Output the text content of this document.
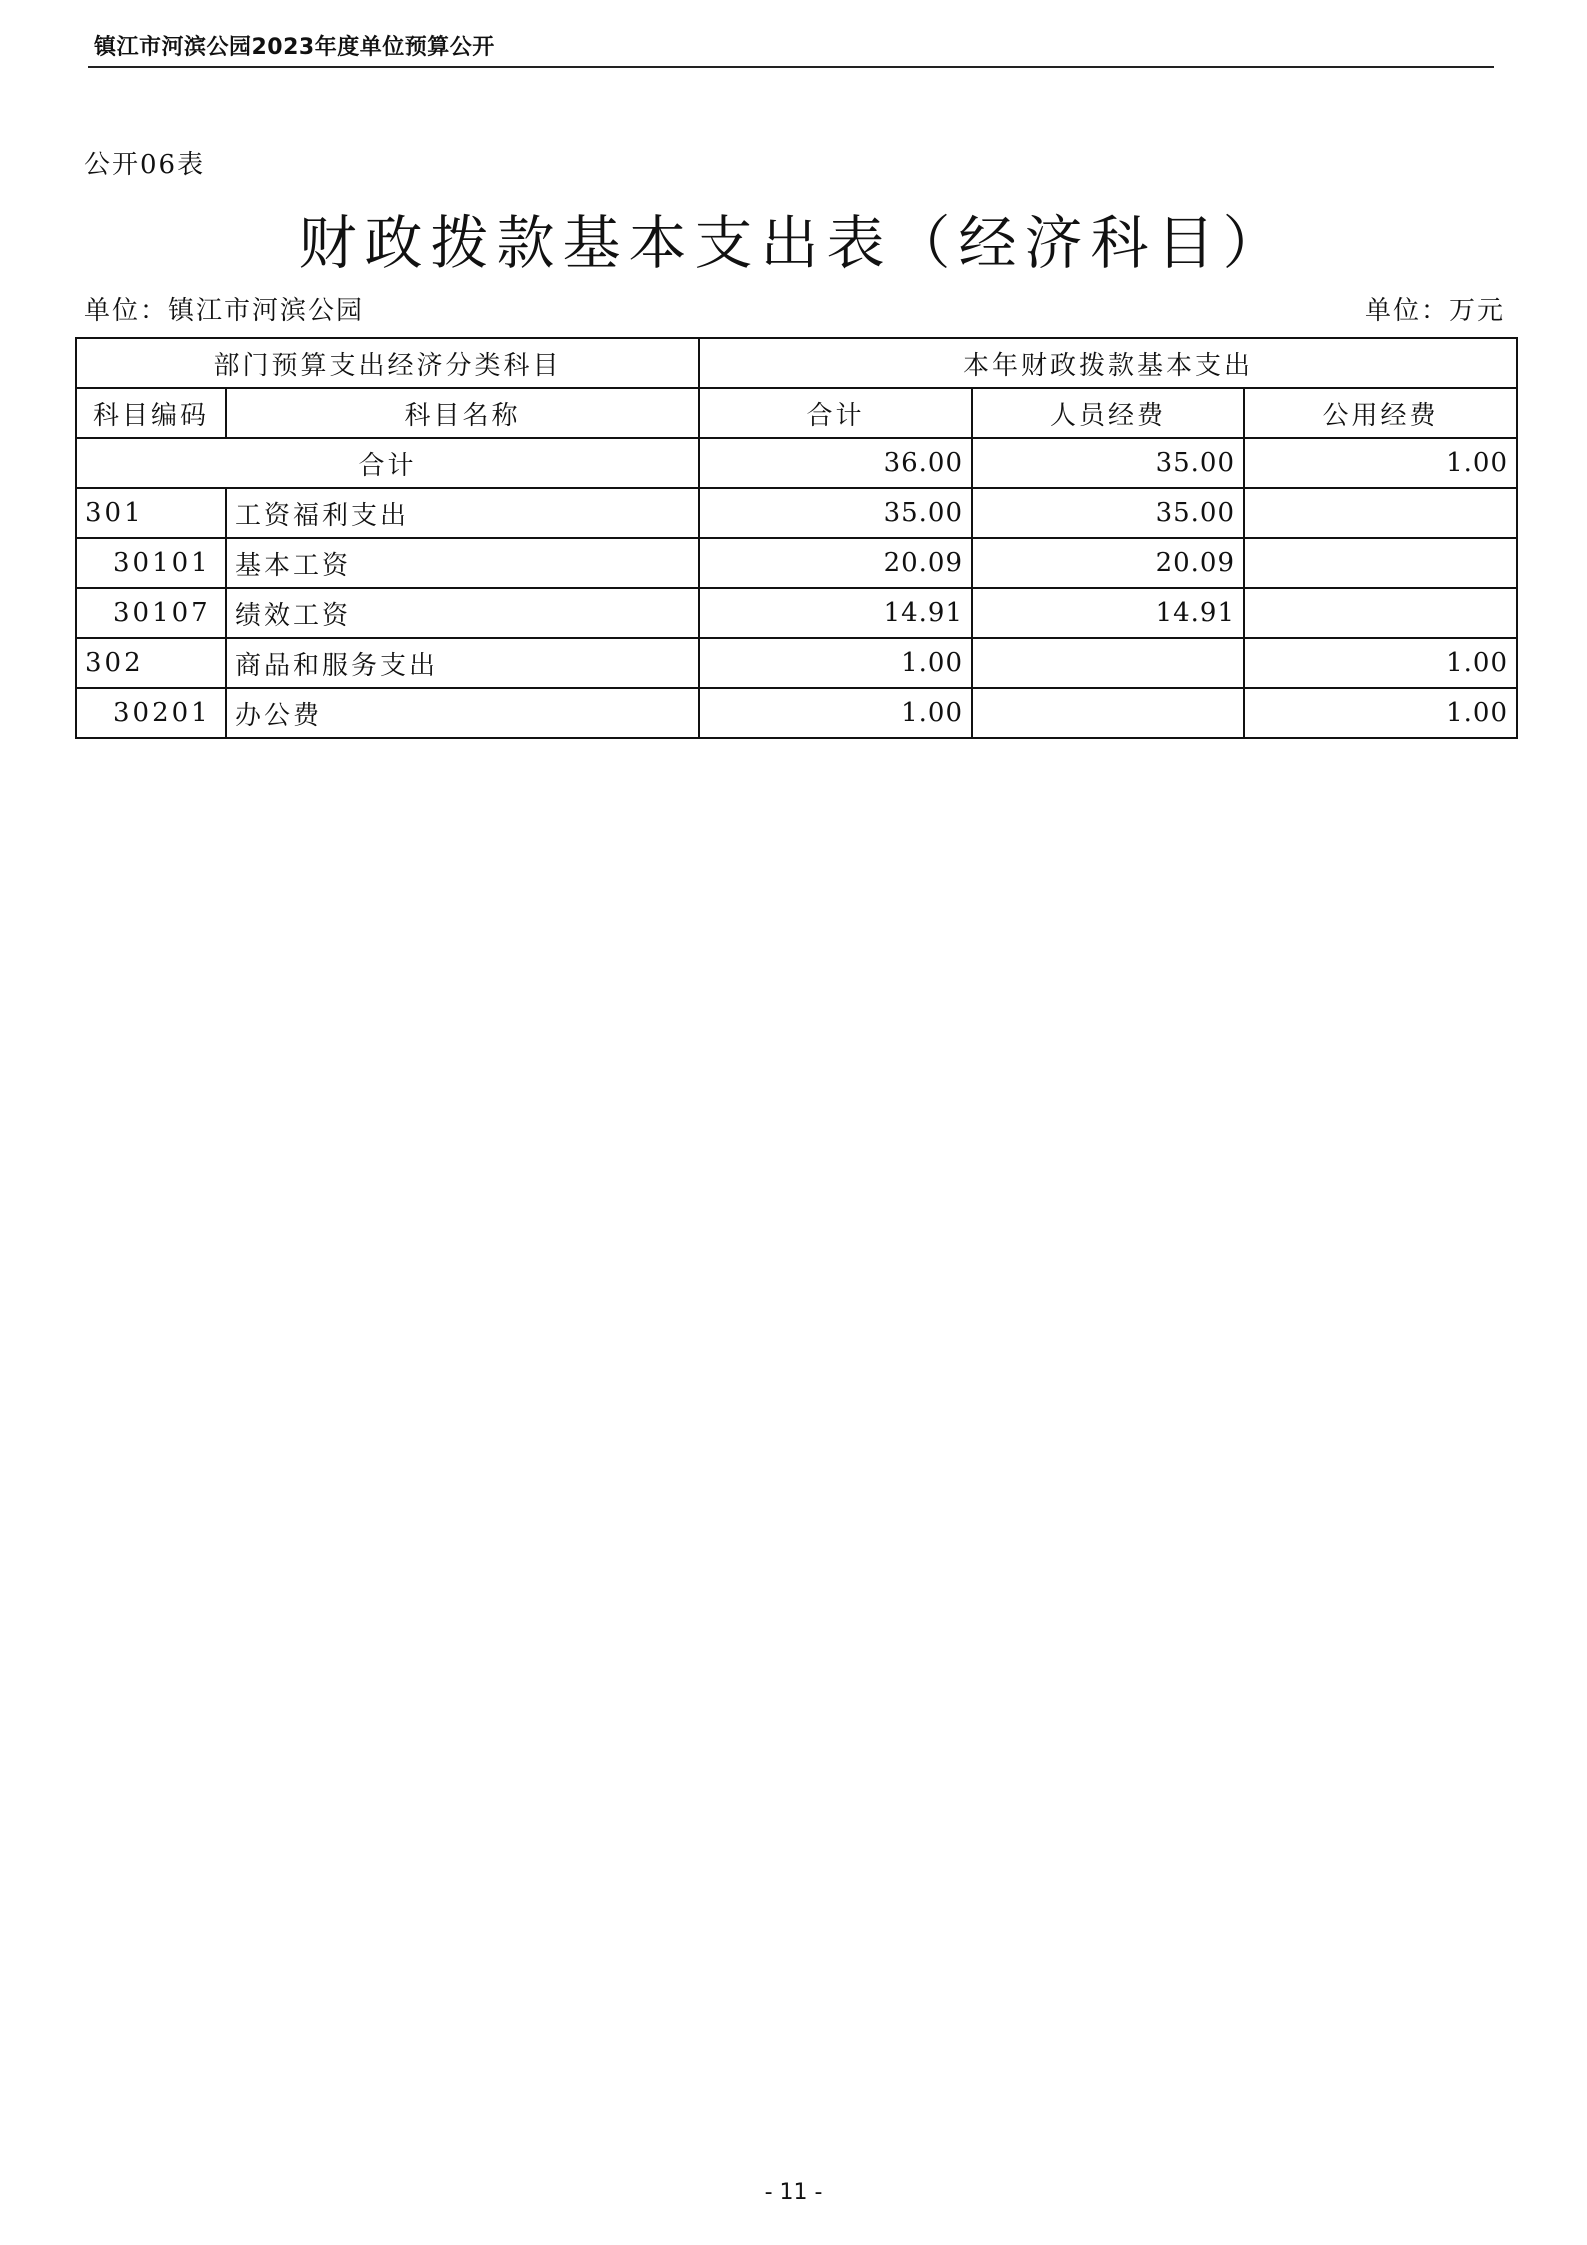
镇江市河滨公园2023年度单位预算公开
公开06表
财政拨款基本支出表（经济科目）
单位：镇江市河滨公园	单位：万元
部门预算支出经济分类科目		本年财政拨款基本支出		
科目编码	科目名称	合计	人员经费	公用经费
合计		36.00	35.00	1.00
301	工资福利支出	35.00	35.00	
30101	基本工资	20.09	20.09	
30107	绩效工资	14.91	14.91	
302	商品和服务支出	1.00		1.00
30201	办公费	1.00		1.00
- 11 -
